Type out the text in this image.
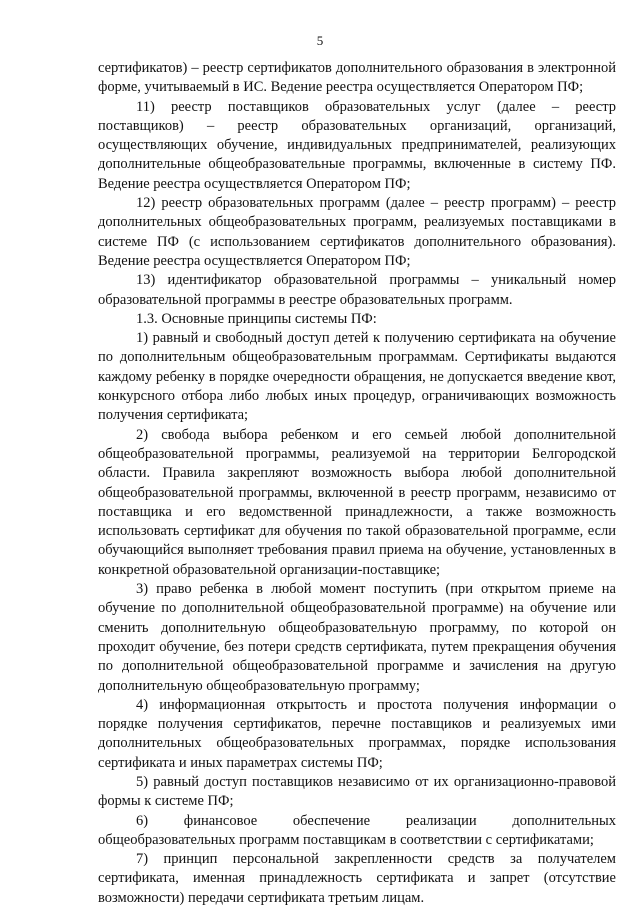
5

сертификатов) – реестр сертификатов дополнительного образования в электронной форме, учитываемый в ИС. Ведение реестра осуществляется Оператором ПФ;

11) реестр поставщиков образовательных услуг (далее – реестр поставщиков) – реестр образовательных организаций, организаций, осуществляющих обучение, индивидуальных предпринимателей, реализующих дополнительные общеобразовательные программы, включенные в систему ПФ. Ведение реестра осуществляется Оператором ПФ;

12) реестр образовательных программ (далее – реестр программ) – реестр дополнительных общеобразовательных программ, реализуемых поставщиками в системе ПФ (с использованием сертификатов дополнительного образования). Ведение реестра осуществляется Оператором ПФ;

13) идентификатор образовательной программы – уникальный номер образовательной программы в реестре образовательных программ.

1.3. Основные принципы системы ПФ:

1) равный и свободный доступ детей к получению сертификата на обучение по дополнительным общеобразовательным программам. Сертификаты выдаются каждому ребенку в порядке очередности обращения, не допускается введение квот, конкурсного отбора либо любых иных процедур, ограничивающих возможность получения сертификата;

2) свобода выбора ребенком и его семьей любой дополнительной общеобразовательной программы, реализуемой на территории Белгородской области. Правила закрепляют возможность выбора любой дополнительной общеобразовательной программы, включенной в реестр программ, независимо от поставщика и его ведомственной принадлежности, а также возможность использовать сертификат для обучения по такой образовательной программе, если обучающийся выполняет требования правил приема на обучение, установленных в конкретной образовательной организации-поставщике;

3) право ребенка в любой момент поступить (при открытом приеме на обучение по дополнительной общеобразовательной программе) на обучение или сменить дополнительную общеобразовательную программу, по которой он проходит обучение, без потери средств сертификата, путем прекращения обучения по дополнительной общеобразовательной программе и зачисления на другую дополнительную общеобразовательную программу;

4) информационная открытость и простота получения информации о порядке получения сертификатов, перечне поставщиков и реализуемых ими дополнительных общеобразовательных программах, порядке использования сертификата и иных параметрах системы ПФ;

5) равный доступ поставщиков независимо от их организационно-правовой формы к системе ПФ;

6) финансовое обеспечение реализации дополнительных общеобразовательных программ поставщикам в соответствии с сертификатами;

7) принцип персональной закрепленности средств за получателем сертификата, именная принадлежность сертификата и запрет (отсутствие возможности) передачи сертификата третьим лицам.
